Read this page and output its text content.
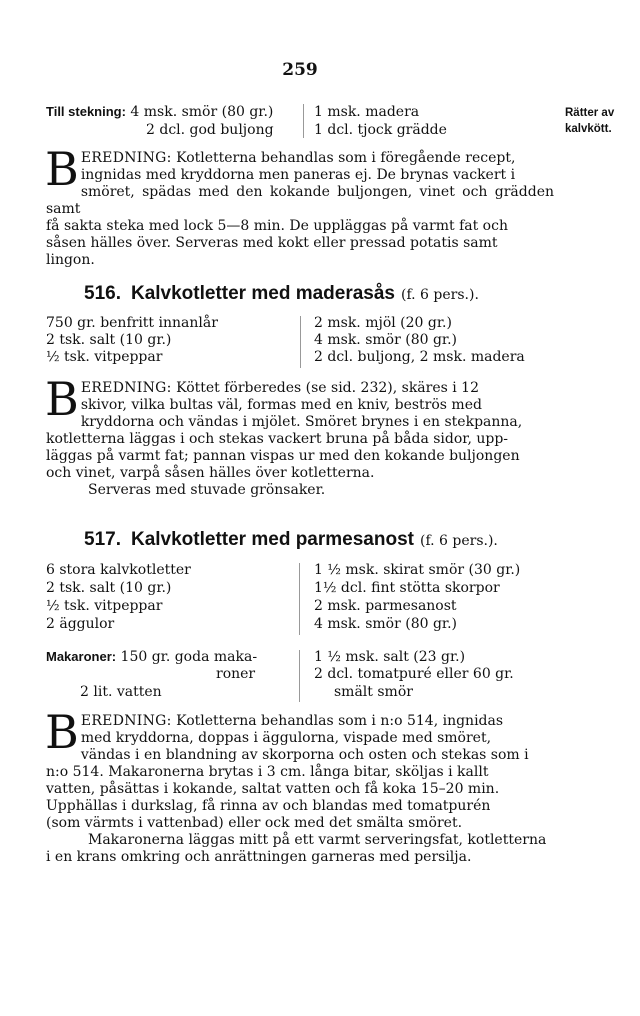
259
Rätter av
kalvkött.
Till stekning: 4 msk. smör (80 gr.)
2 dcl. god buljong
1 msk. madera
1 dcl. tjock grädde
B EREDNING: Kotletterna behandlas som i föregående recept,
ingnidas med kryddorna men paneras ej. De brynas vackert i
smöret, spädas med den kokande buljongen, vinet och grädden samt
få sakta steka med lock 5—8 min. De uppläggas på varmt fat och
såsen hälles över. Serveras med kokt eller pressad potatis samt
lingon.
516. Kalvkotletter med maderasås (f. 6 pers.).
750 gr. benfritt innanlår
2 tsk. salt (10 gr.)
½ tsk. vitpeppar
2 msk. mjöl (20 gr.)
4 msk. smör (80 gr.)
2 dcl. buljong, 2 msk. madera
B EREDNING: Köttet förberedes (se sid. 232), skäres i 12
skivor, vilka bultas väl, formas med en kniv, beströs med
kryddorna och vändas i mjölet. Smöret brynes i en stekpanna,
kotletterna läggas i och stekas vackert bruna på båda sidor, upp-
läggas på varmt fat; pannan vispas ur med den kokande buljongen
och vinet, varpå såsen hälles över kotletterna.
Serveras med stuvade grönsaker.
517. Kalvkotletter med parmesanost (f. 6 pers.).
6 stora kalvkotletter
2 tsk. salt (10 gr.)
½ tsk. vitpeppar
2 äggulor
1 ½ msk. skirat smör (30 gr.)
1½ dcl. fint stötta skorpor
2 msk. parmesanost
4 msk. smör (80 gr.)
Makaroner: 150 gr. goda maka-
roner
2 lit. vatten
1 ½ msk. salt (23 gr.)
2 dcl. tomatpuré eller 60 gr.
smält smör
B EREDNING: Kotletterna behandlas som i n:o 514, ingnidas
med kryddorna, doppas i äggulorna, vispade med smöret,
vändas i en blandning av skorporna och osten och stekas som i
n:o 514. Makaronerna brytas i 3 cm. långa bitar, sköljas i kallt
vatten, påsättas i kokande, saltat vatten och få koka 15–20 min.
Upphällas i durkslag, få rinna av och blandas med tomatpurén
(som värmts i vattenbad) eller ock med det smälta smöret.
Makaronerna läggas mitt på ett varmt serveringsfat, kotletterna
i en krans omkring och anrättningen garneras med persilja.
